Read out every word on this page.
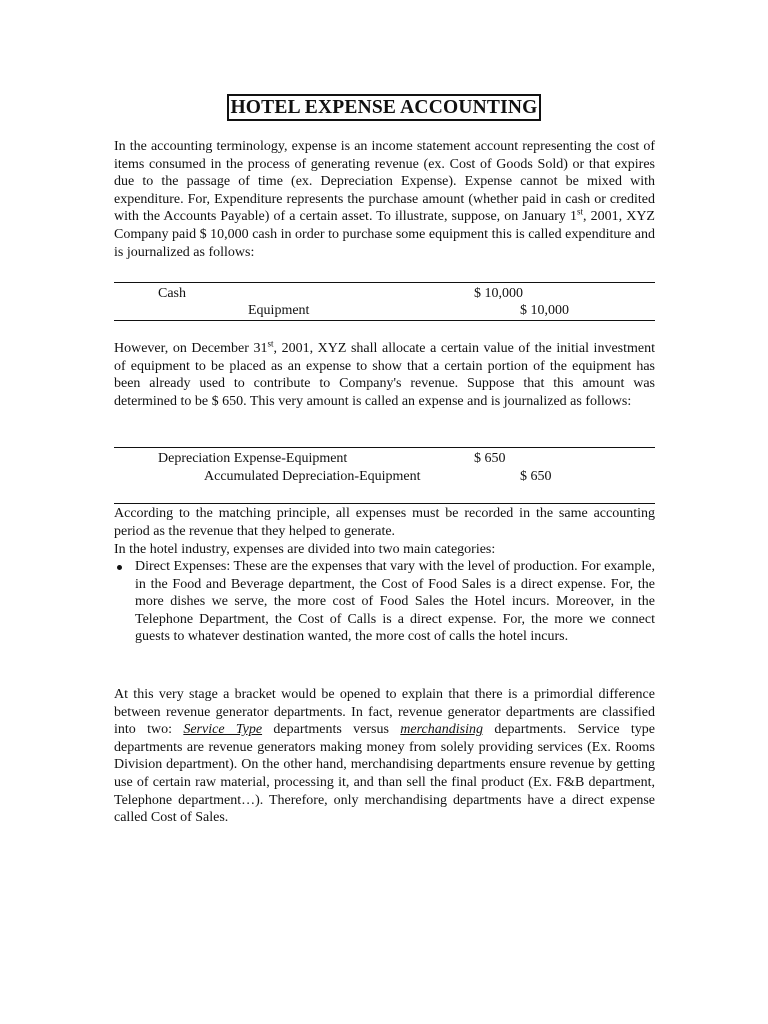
HOTEL EXPENSE ACCOUNTING

In the accounting terminology, expense is an income statement account representing the cost of items consumed in the process of generating revenue (ex. Cost of Goods Sold) or that expires due to the passage of time (ex. Depreciation Expense). Expense cannot be mixed with expenditure. For, Expenditure represents the purchase amount (whether paid in cash or credited with the Accounts Payable) of a certain asset. To illustrate, suppose, on January 1st, 2001, XYZ Company paid $ 10,000 cash in order to purchase some equipment this is called expenditure and is journalized as follows:

Cash	$ 10,000
Equipment	$ 10,000

However, on December 31st, 2001, XYZ shall allocate a certain value of the initial investment of equipment to be placed as an expense to show that a certain portion of the equipment has been already used to contribute to Company's revenue. Suppose that this amount was determined to be $ 650. This very amount is called an expense and is journalized as follows:

Depreciation Expense-Equipment	$ 650
Accumulated Depreciation-Equipment	$ 650

According to the matching principle, all expenses must be recorded in the same accounting period as the revenue that they helped to generate.

In the hotel industry, expenses are divided into two main categories:

Direct Expenses: These are the expenses that vary with the level of production. For example, in the Food and Beverage department, the Cost of Food Sales is a direct expense. For, the more dishes we serve, the more cost of Food Sales the Hotel incurs. Moreover, in the Telephone Department, the Cost of Calls is a direct expense. For, the more we connect guests to whatever destination wanted, the more cost of calls the hotel incurs.

At this very stage a bracket would be opened to explain that there is a primordial difference between revenue generator departments. In fact, revenue generator departments are classified into two: Service Type departments versus merchandising departments. Service type departments are revenue generators making money from solely providing services (Ex. Rooms Division department). On the other hand, merchandising departments ensure revenue by getting use of certain raw material, processing it, and than sell the final product (Ex. F&B department, Telephone department…). Therefore, only merchandising departments have a direct expense called Cost of Sales.
